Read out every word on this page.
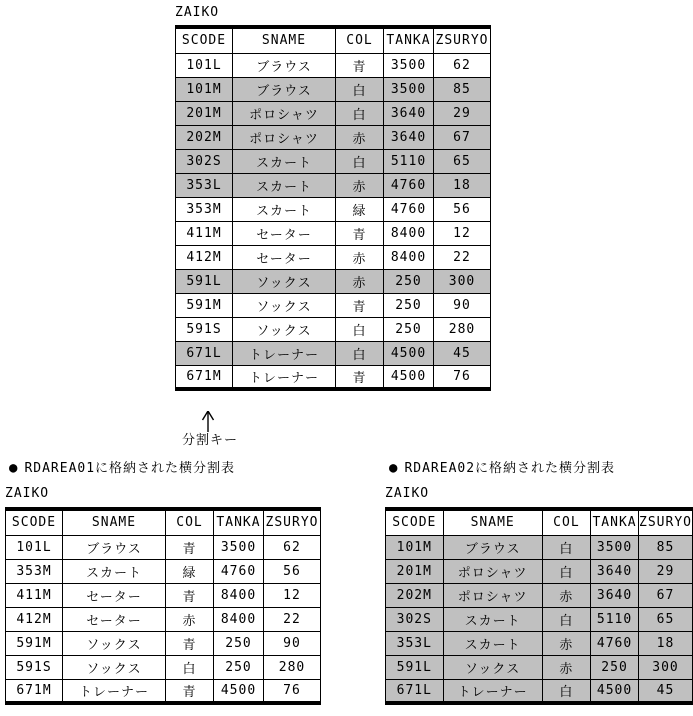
ZAIKO
SCODE	SNAME	COL	TANKA	ZSURYO
101L	ブラウス	青	3500	62
101M	ブラウス	白	3500	85
201M	ポロシャツ	白	3640	29
202M	ポロシャツ	赤	3640	67
302S	スカート	白	5110	65
353L	スカート	赤	4760	18
353M	スカート	緑	4760	56
411M	セーター	青	8400	12
412M	セーター	赤	8400	22
591L	ソックス	赤	250	300
591M	ソックス	青	250	90
591S	ソックス	白	250	280
671L	トレーナー	白	4500	45
671M	トレーナー	青	4500	76
分割キー
● RDAREA01に格納された横分割表
ZAIKO
SCODE	SNAME	COL	TANKA	ZSURYO
101L	ブラウス	青	3500	62
353M	スカート	緑	4760	56
411M	セーター	青	8400	12
412M	セーター	赤	8400	22
591M	ソックス	青	250	90
591S	ソックス	白	250	280
671M	トレーナー	青	4500	76
● RDAREA02に格納された横分割表
ZAIKO
SCODE	SNAME	COL	TANKA	ZSURYO
101M	ブラウス	白	3500	85
201M	ポロシャツ	白	3640	29
202M	ポロシャツ	赤	3640	67
302S	スカート	白	5110	65
353L	スカート	赤	4760	18
591L	ソックス	赤	250	300
671L	トレーナー	白	4500	45
